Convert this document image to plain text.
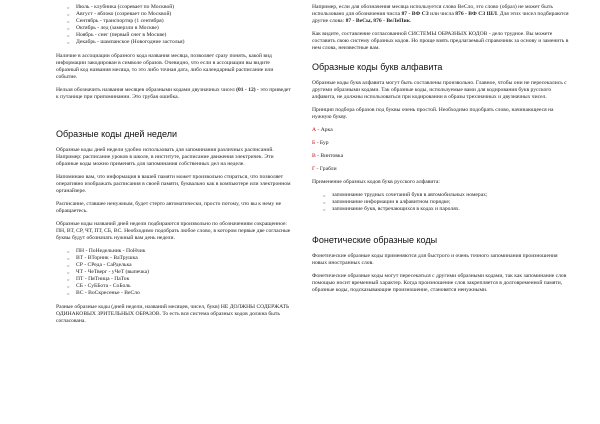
○ Июль - клубника (созревает по Москвой)
○ Август - яблоко (созревает по Москвой)
○ Сентябрь - транспортир (1 сентября)
○ Октябрь - лед (замерзли в Москве)
○ Ноябрь - снег (первый снег в Москве)
○ Декабрь - шампанское (Новогодние застолья)

Наличие в ассоциации образного кода названия месяца, позволяет сразу понять, какой вид информации закодирован в символе образов. Очевидно, что если в ассоциации вы видите образный код названия месяца, то это либо точная дата, либо календарный расписание или событие.

Нельзя обозначить названия месяцев образными кодами двузначных чисел (01 - 12) - это приведет к путанице при припоминании. Это грубая ошибка.

Образные коды дней недели

Образные коды дней недели удобно использовать для запоминания различных расписаний. Например: расписание уроков в школе, в институте, расписание движения электричек. Эти образные коды можно применять для запоминания собственных дел на неделе.

Напоминаю вам, что информация в вашей памяти может произвольно стираться, что позволяет оперативно изображать расписания в своей памяти, буквально как в компьютере или электронном органайзере.

Расписание, ставшее ненужным, будет стерто автоматически, просто потому, что вы к нему не обращаетесь.

Образные коды названий дней недели подбираются произвольно по обозначениям сокращенное: ПН, ВТ, СР, ЧТ, ПТ, СБ, ВС. Необходимо подобрать любое слово, в котором первые две согласные буквы будут обозначать нужный вам день недели.

○ ПН - ПоНедельник - ПоНчик
○ ВТ - ВТорник - ВаТрушка
○ СР - СРеда - СаРделька
○ ЧТ - ЧеТверг - уЧеТ (выпечка)
○ ПТ - ПяТница - ПаТок
○ СБ - СуББота - СоБоль
○ ВС - ВоСкресенье - ВеСло

Разные образные коды (дней недели, названий месяцев, чисел, букв) НЕ ДОЛЖНЫ СОДЕРЖАТЬ ОДИНАКОВЫХ ЗРИТЕЛЬНЫХ ОБРАЗОВ. То есть вся система образных кодов должна быть согласована.

Например, если для обозначения месяца используется слово ВеСло, это слово (образ) не может быть использовано для обозначения числа 87 - ВФ СЗ или числа 876 - ВФ СЗ ШЛ. Для этих чисел подбираются другие слова: 87 - ВеСы, 876 - ВеЛеПик.

Как видите, составление согласованной СИСТЕМЫ ОБРАЗНЫХ КОДОВ - дело трудное. Вы можете составить свою систему образных кодов. Но проще взять предлагаемый справочник за основу и заменить в нем слова, неизвестные вам.

Образные коды букв алфавита

Образные коды букв алфавита могут быть составлены произвольно. Главное, чтобы они не пересекались с другими образными кодами. Так образные коды, используемые вами для кодирования букв русского алфавита, не должны использоваться при кодировании в образы трехзначных и двузначных чисел.

Принцип подбора образов под буквы очень простой. Необходимо подобрать слово, начинающееся на нужную букву.

А - Арка

Б - Бур

В - Винтовка

Г - Грабли

Применение образных кодов букв русского алфавита:

○ запоминание трудных сочетаний букв в автомобильных номерах;
○ запоминание информации в алфавитном порядке;
○ запоминание букв, встречающихся в кодах и паролях.
Фонетические образные коды

Фонетические образные коды применяются для быстрого и очень точного запоминания произношения новых иностранных слов.

Фонетические образные коды могут пересекаться с другими образными кодами, так как запоминание слов помощью носит временный характер. Когда произношение слов закрепляется в долговременной памяти, образные коды, подсказывающие произношение, становятся ненужными.
